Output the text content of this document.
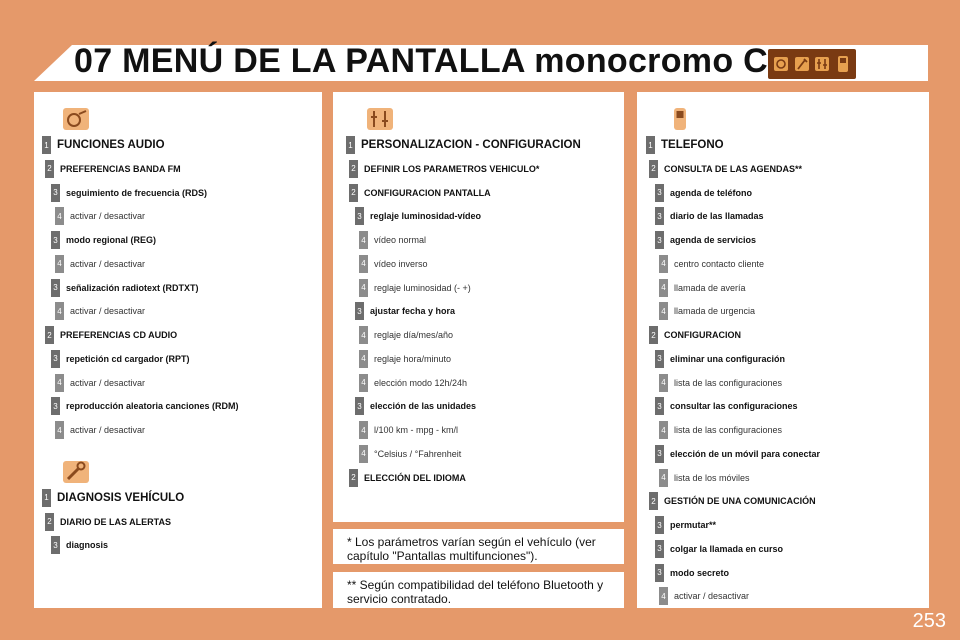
07 MENÚ DE LA PANTALLA monocromo C
* Los parámetros varían según el vehículo (ver capítulo "Pantallas multifunciones").
** Según compatibilidad del teléfono Bluetooth y servicio contratado.
253
1 FUNCIONES AUDIO
2 PREFERENCIAS BANDA FM
3 seguimiento de frecuencia (RDS)
4 activar / desactivar
3 modo regional (REG)
4 activar / desactivar
3 señalización radiotext (RDTXT)
4 activar / desactivar
2 PREFERENCIAS CD AUDIO
3 repetición cd cargador (RPT)
4 activar / desactivar
3 reproducción aleatoria canciones (RDM)
4 activar / desactivar
1 DIAGNOSIS VEHÍCULO
2 DIARIO DE LAS ALERTAS
3 diagnosis
1 PERSONALIZACION - CONFIGURACION
2 DEFINIR LOS PARAMETROS VEHICULO*
2 CONFIGURACION PANTALLA
3 reglaje luminosidad-vídeo
4 vídeo normal
4 vídeo inverso
4 reglaje luminosidad (- +)
3 ajustar fecha y hora
4 reglaje día/mes/año
4 reglaje hora/minuto
4 elección modo 12h/24h
3 elección de las unidades
4 l/100 km - mpg - km/l
4 °Celsius / °Fahrenheit
2 ELECCIÓN DEL IDIOMA
1 TELEFONO
2 CONSULTA DE LAS AGENDAS**
3 agenda de teléfono
3 diario de las llamadas
3 agenda de servicios
4 centro contacto cliente
4 llamada de avería
4 llamada de urgencia
2 CONFIGURACION
3 eliminar una configuración
4 lista de las configuraciones
3 consultar las configuraciones
4 lista de las configuraciones
3 elección de un móvil para conectar
4 lista de los móviles
2 GESTIÓN DE UNA COMUNICACIÓN
3 permutar**
3 colgar la llamada en curso
3 modo secreto
4 activar / desactivar
